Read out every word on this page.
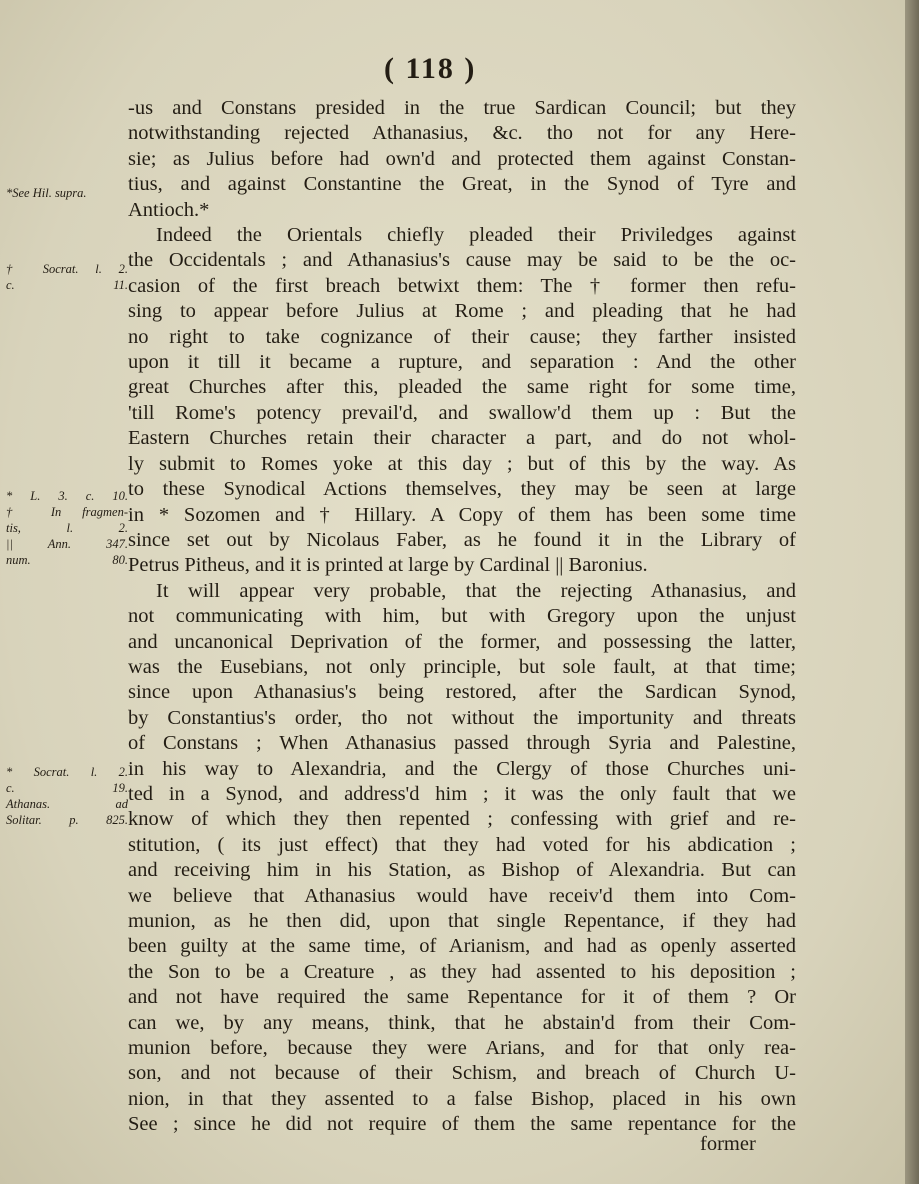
( 118 )
*See Hil. supra.
† Socrat. l. 2.
c. 11.
* L. 3. c. 10.
† In fragmen-
tis, l. 2.
|| Ann. 347.
num. 80.
* Socrat. l. 2.
c. 19.
Athanas. ad
Solitar. p. 825.
-us and Constans presided in the true Sardican Council; but they
notwithstanding rejected Athanasius, &c. tho not for any Here-
sie; as Julius before had own'd and protected them against Constan-
tius, and against Constantine the Great, in the Synod of Tyre and
Antioch.*
Indeed the Orientals chiefly pleaded their Priviledges against
the Occidentals ; and Athanasius's cause may be said to be the oc-
casion of the first breach betwixt them: The † former then refu-
sing to appear before Julius at Rome ; and pleading that he had
no right to take cognizance of their cause; they farther insisted
upon it till it became a rupture, and separation : And the other
great Churches after this, pleaded the same right for some time,
'till Rome's potency prevail'd, and swallow'd them up : But the
Eastern Churches retain their character a part, and do not whol-
ly submit to Romes yoke at this day ; but of this by the way. As
to these Synodical Actions themselves, they may be seen at large
in * Sozomen and † Hillary. A Copy of them has been some time
since set out by Nicolaus Faber, as he found it in the Library of
Petrus Pitheus, and it is printed at large by Cardinal || Baronius.
It will appear very probable, that the rejecting Athanasius, and
not communicating with him, but with Gregory upon the unjust
and uncanonical Deprivation of the former, and possessing the latter,
was the Eusebians, not only principle, but sole fault, at that time;
since upon Athanasius's being restored, after the Sardican Synod,
by Constantius's order, tho not without the importunity and threats
of Constans ; When Athanasius passed through Syria and Palestine,
in his way to Alexandria, and the Clergy of those Churches uni-
ted in a Synod, and address'd him ; it was the only fault that we
know of which they then repented ; confessing with grief and re-
stitution, ( its just effect) that they had voted for his abdication ;
and receiving him in his Station, as Bishop of Alexandria. But can
we believe that Athanasius would have receiv'd them into Com-
munion, as he then did, upon that single Repentance, if they had
been guilty at the same time, of Arianism, and had as openly asserted
the Son to be a Creature , as they had assented to his deposition ;
and not have required the same Repentance for it of them ? Or
can we, by any means, think, that he abstain'd from their Com-
munion before, because they were Arians, and for that only rea-
son, and not because of their Schism, and breach of Church U-
nion, in that they assented to a false Bishop, placed in his own
See ; since he did not require of them the same repentance for the
former
